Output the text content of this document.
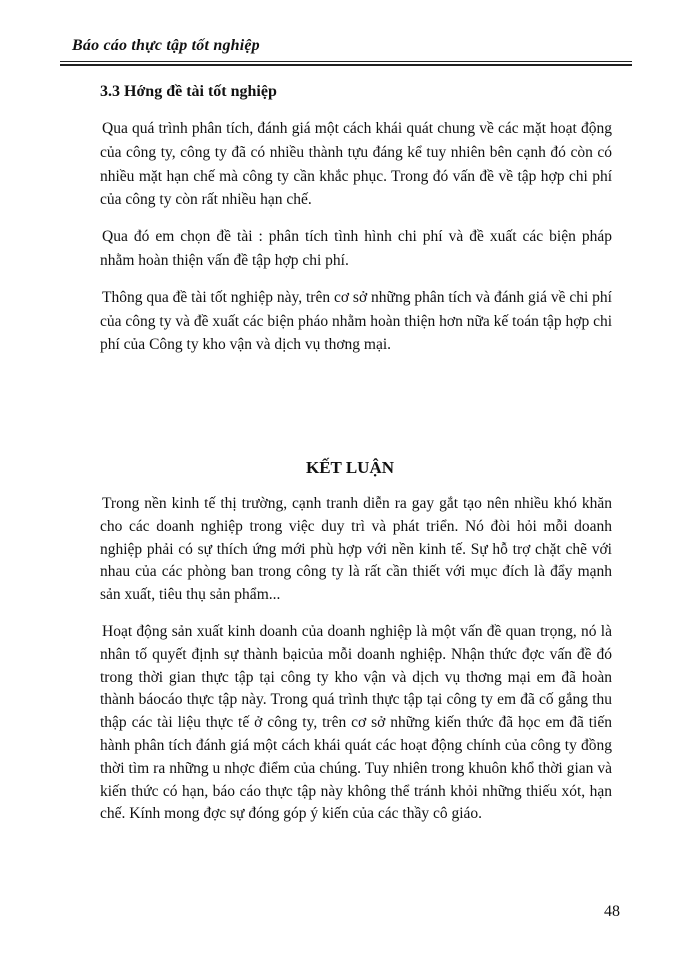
Báo cáo thực tập tốt nghiệp
3.3 Hớng đề tài tốt nghiệp

Qua quá trình phân tích, đánh giá một cách khái quát chung về các mặt hoạt động của công ty, công ty đã có nhiều thành tựu đáng kể tuy nhiên bên cạnh đó còn có nhiều mặt hạn chế mà công ty cần khắc phục. Trong đó vấn đề về tập hợp chi phí của công ty còn rất nhiều hạn chế.

Qua đó em chọn đề tài : phân tích tình hình chi phí và đề xuất các biện pháp nhằm hoàn thiện vấn đề tập hợp chi phí.

Thông qua đề tài tốt nghiệp này, trên cơ sở những phân tích và đánh giá về chi phí của công ty và đề xuất các biện pháo nhằm hoàn thiện hơn nữa kế toán tập hợp chi phí của Công ty kho vận và dịch vụ thơng mại.

KẾT LUẬN

Trong nền kinh tế thị trường, cạnh tranh diễn ra gay gắt tạo nên nhiều khó khăn cho các doanh nghiệp trong việc duy trì và phát triển. Nó đòi hỏi mỗi doanh nghiệp phải có sự thích ứng mới phù hợp với nền kinh tế. Sự hỗ trợ chặt chẽ với nhau của các phòng ban trong công ty là rất cần thiết với mục đích là đẩy mạnh sản xuất, tiêu thụ sản phẩm...

Hoạt động sản xuất kinh doanh của doanh nghiệp là một vấn đề quan trọng, nó là nhân tố quyết định sự thành bạicủa mỗi doanh nghiệp. Nhận thức đợc vấn đề đó trong thời gian thực tập tại công ty kho vận và dịch vụ thơng mại em đã hoàn thành báocáo thực tập này. Trong quá trình thực tập tại công ty em đã cố gắng thu thập các tài liệu thực tế ở công ty, trên cơ sở những kiến thức đã học em đã tiến hành phân tích đánh giá một cách khái quát các hoạt động chính của công ty đồng thời tìm ra những u nhợc điểm của chúng. Tuy nhiên trong khuôn khổ thời gian và kiến thức có hạn, báo cáo thực tập này không thể tránh khỏi những thiếu xót, hạn chế. Kính mong đợc sự đóng góp ý kiến của các thầy cô giáo.

48
